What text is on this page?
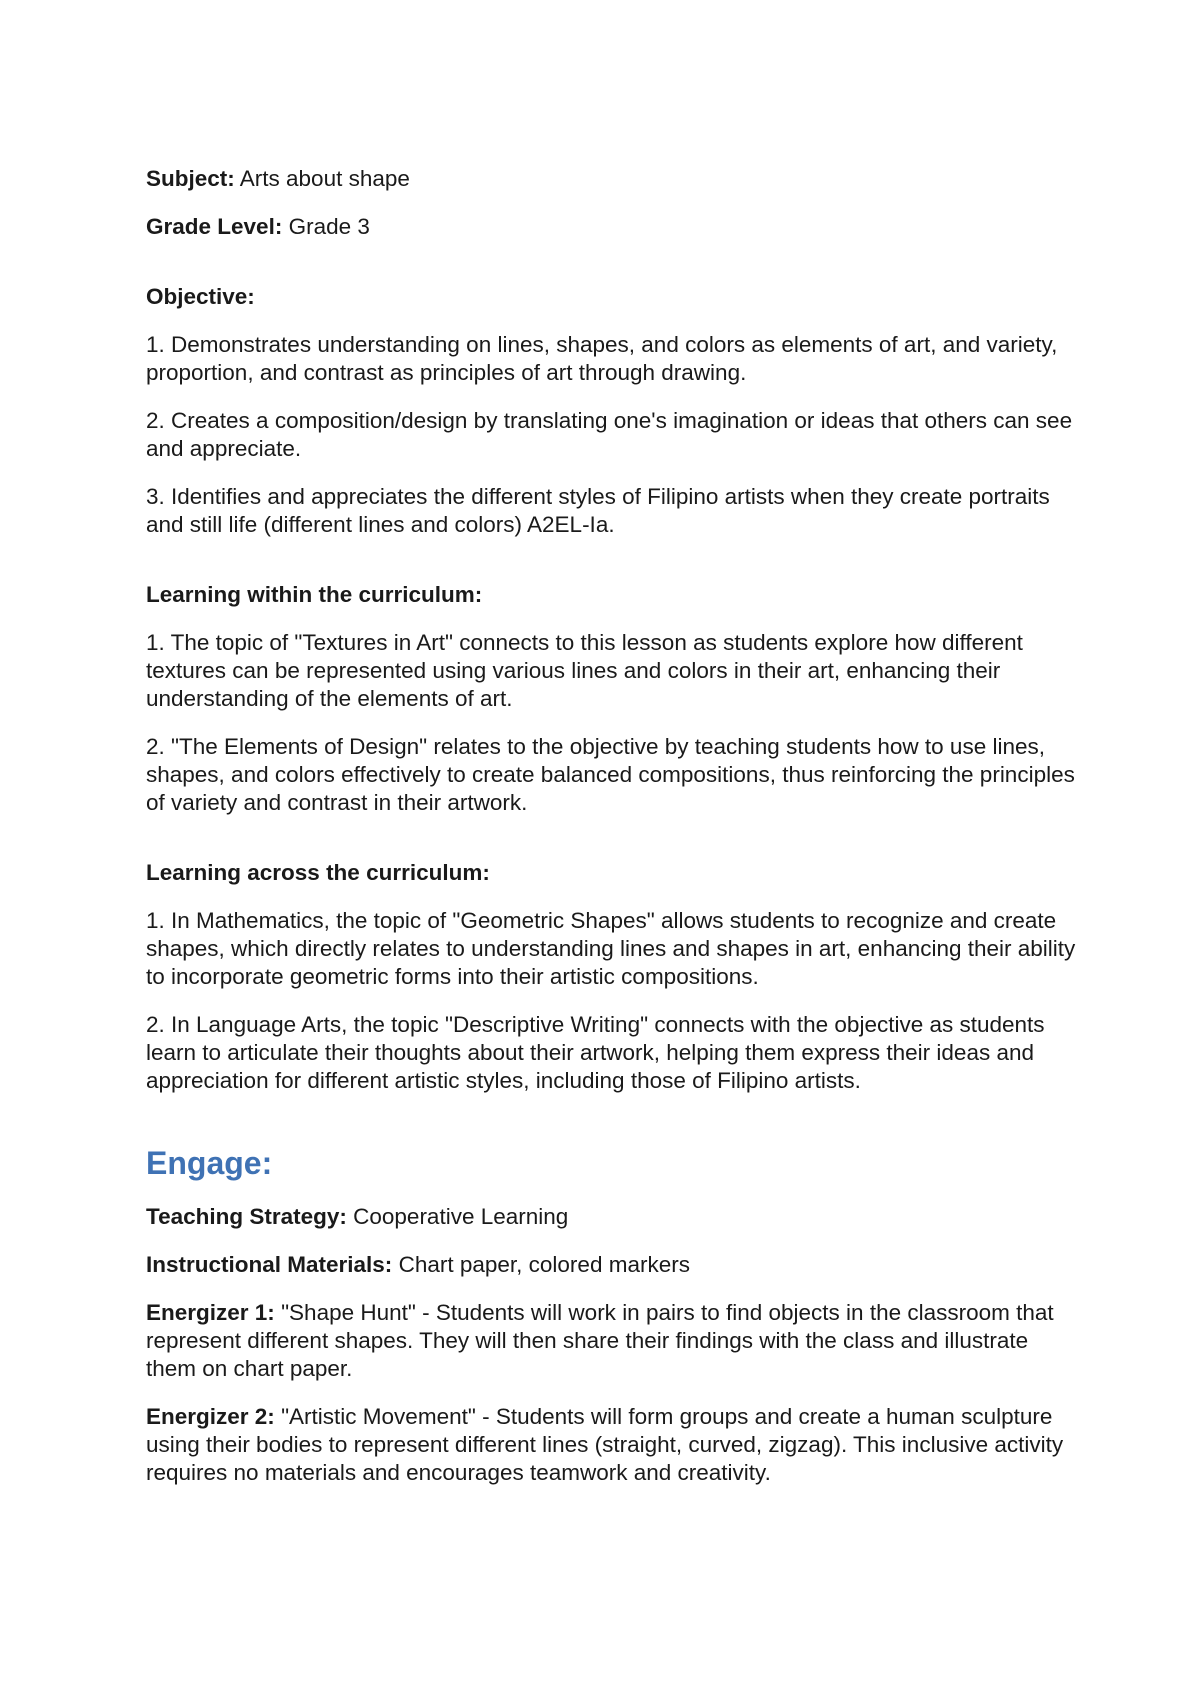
Subject: Arts about shape
Grade Level: Grade 3
Objective:
1. Demonstrates understanding on lines, shapes, and colors as elements of art, and variety, proportion, and contrast as principles of art through drawing.
2. Creates a composition/design by translating one's imagination or ideas that others can see and appreciate.
3. Identifies and appreciates the different styles of Filipino artists when they create portraits and still life (different lines and colors) A2EL-Ia.
Learning within the curriculum:
1. The topic of "Textures in Art" connects to this lesson as students explore how different textures can be represented using various lines and colors in their art, enhancing their understanding of the elements of art.
2. "The Elements of Design" relates to the objective by teaching students how to use lines, shapes, and colors effectively to create balanced compositions, thus reinforcing the principles of variety and contrast in their artwork.
Learning across the curriculum:
1. In Mathematics, the topic of "Geometric Shapes" allows students to recognize and create shapes, which directly relates to understanding lines and shapes in art, enhancing their ability to incorporate geometric forms into their artistic compositions.
2. In Language Arts, the topic "Descriptive Writing" connects with the objective as students learn to articulate their thoughts about their artwork, helping them express their ideas and appreciation for different artistic styles, including those of Filipino artists.
Engage:
Teaching Strategy: Cooperative Learning
Instructional Materials: Chart paper, colored markers
Energizer 1: "Shape Hunt" - Students will work in pairs to find objects in the classroom that represent different shapes. They will then share their findings with the class and illustrate them on chart paper.
Energizer 2: "Artistic Movement" - Students will form groups and create a human sculpture using their bodies to represent different lines (straight, curved, zigzag). This inclusive activity requires no materials and encourages teamwork and creativity.
